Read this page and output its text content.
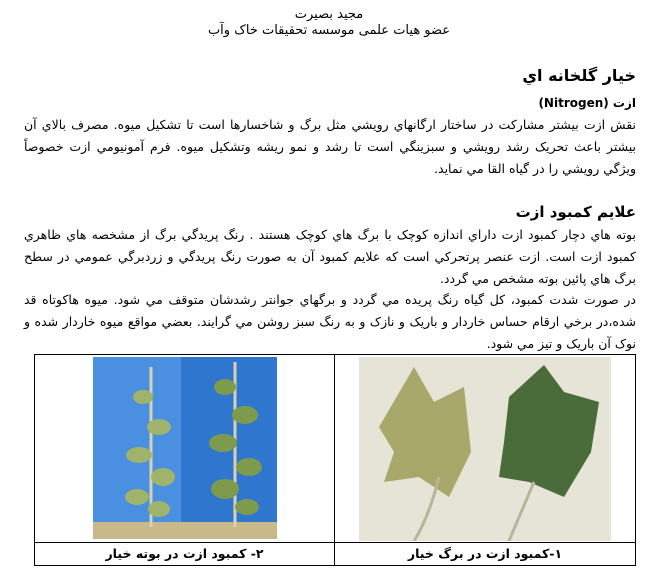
مجيد بصيرت
عضو هيات علمی موسسه تحقيقات خاک وآب
خيار گلخانه اي
ازت (Nitrogen)
نقش ازت بيشتر مشارکت در ساختار ارگانهاي رويشي مثل برگ و شاخسارها است تا تشکيل ميوه. مصرف بالاي آن بيشتر باعث تحريک رشد رويشي و سبزينگي است تا رشد و نمو ريشه وتشکيل ميوه. فرم آمونيومي ازت خصوصاً ويژگي رويشي را در گياه القا مي نمايد.
علايم کمبود ازت
بوته هاي دچار کمبود ازت داراي اندازه کوچک با برگ هاي کوچک هستند . رنگ پريدگي برگ از مشخصه هاي ظاهري کمبود ازت است. ازت عنصر پرتحرکي است که علايم کمبود آن به صورت رنگ پريدگي و زردبرگي عمومي در سطح برگ هاي پائين بوته مشخص مي گردد.
در صورت شدت کمبود، کل گياه رنگ پريده مي گردد و برگهاي جوانتر رشدشان متوقف مي شود. ميوه هاکوتاه قد شده،در برخي ارقام حساس خاردار و باريک و نازک و به رنگ سبز روشن مي گرايند. بعضي مواقع ميوه خاردار شده و نوک آن باريک و تيز مي شود.
٢- کمبود ازت در بوته خيار	١-کمبود ازت در برگ خيار
